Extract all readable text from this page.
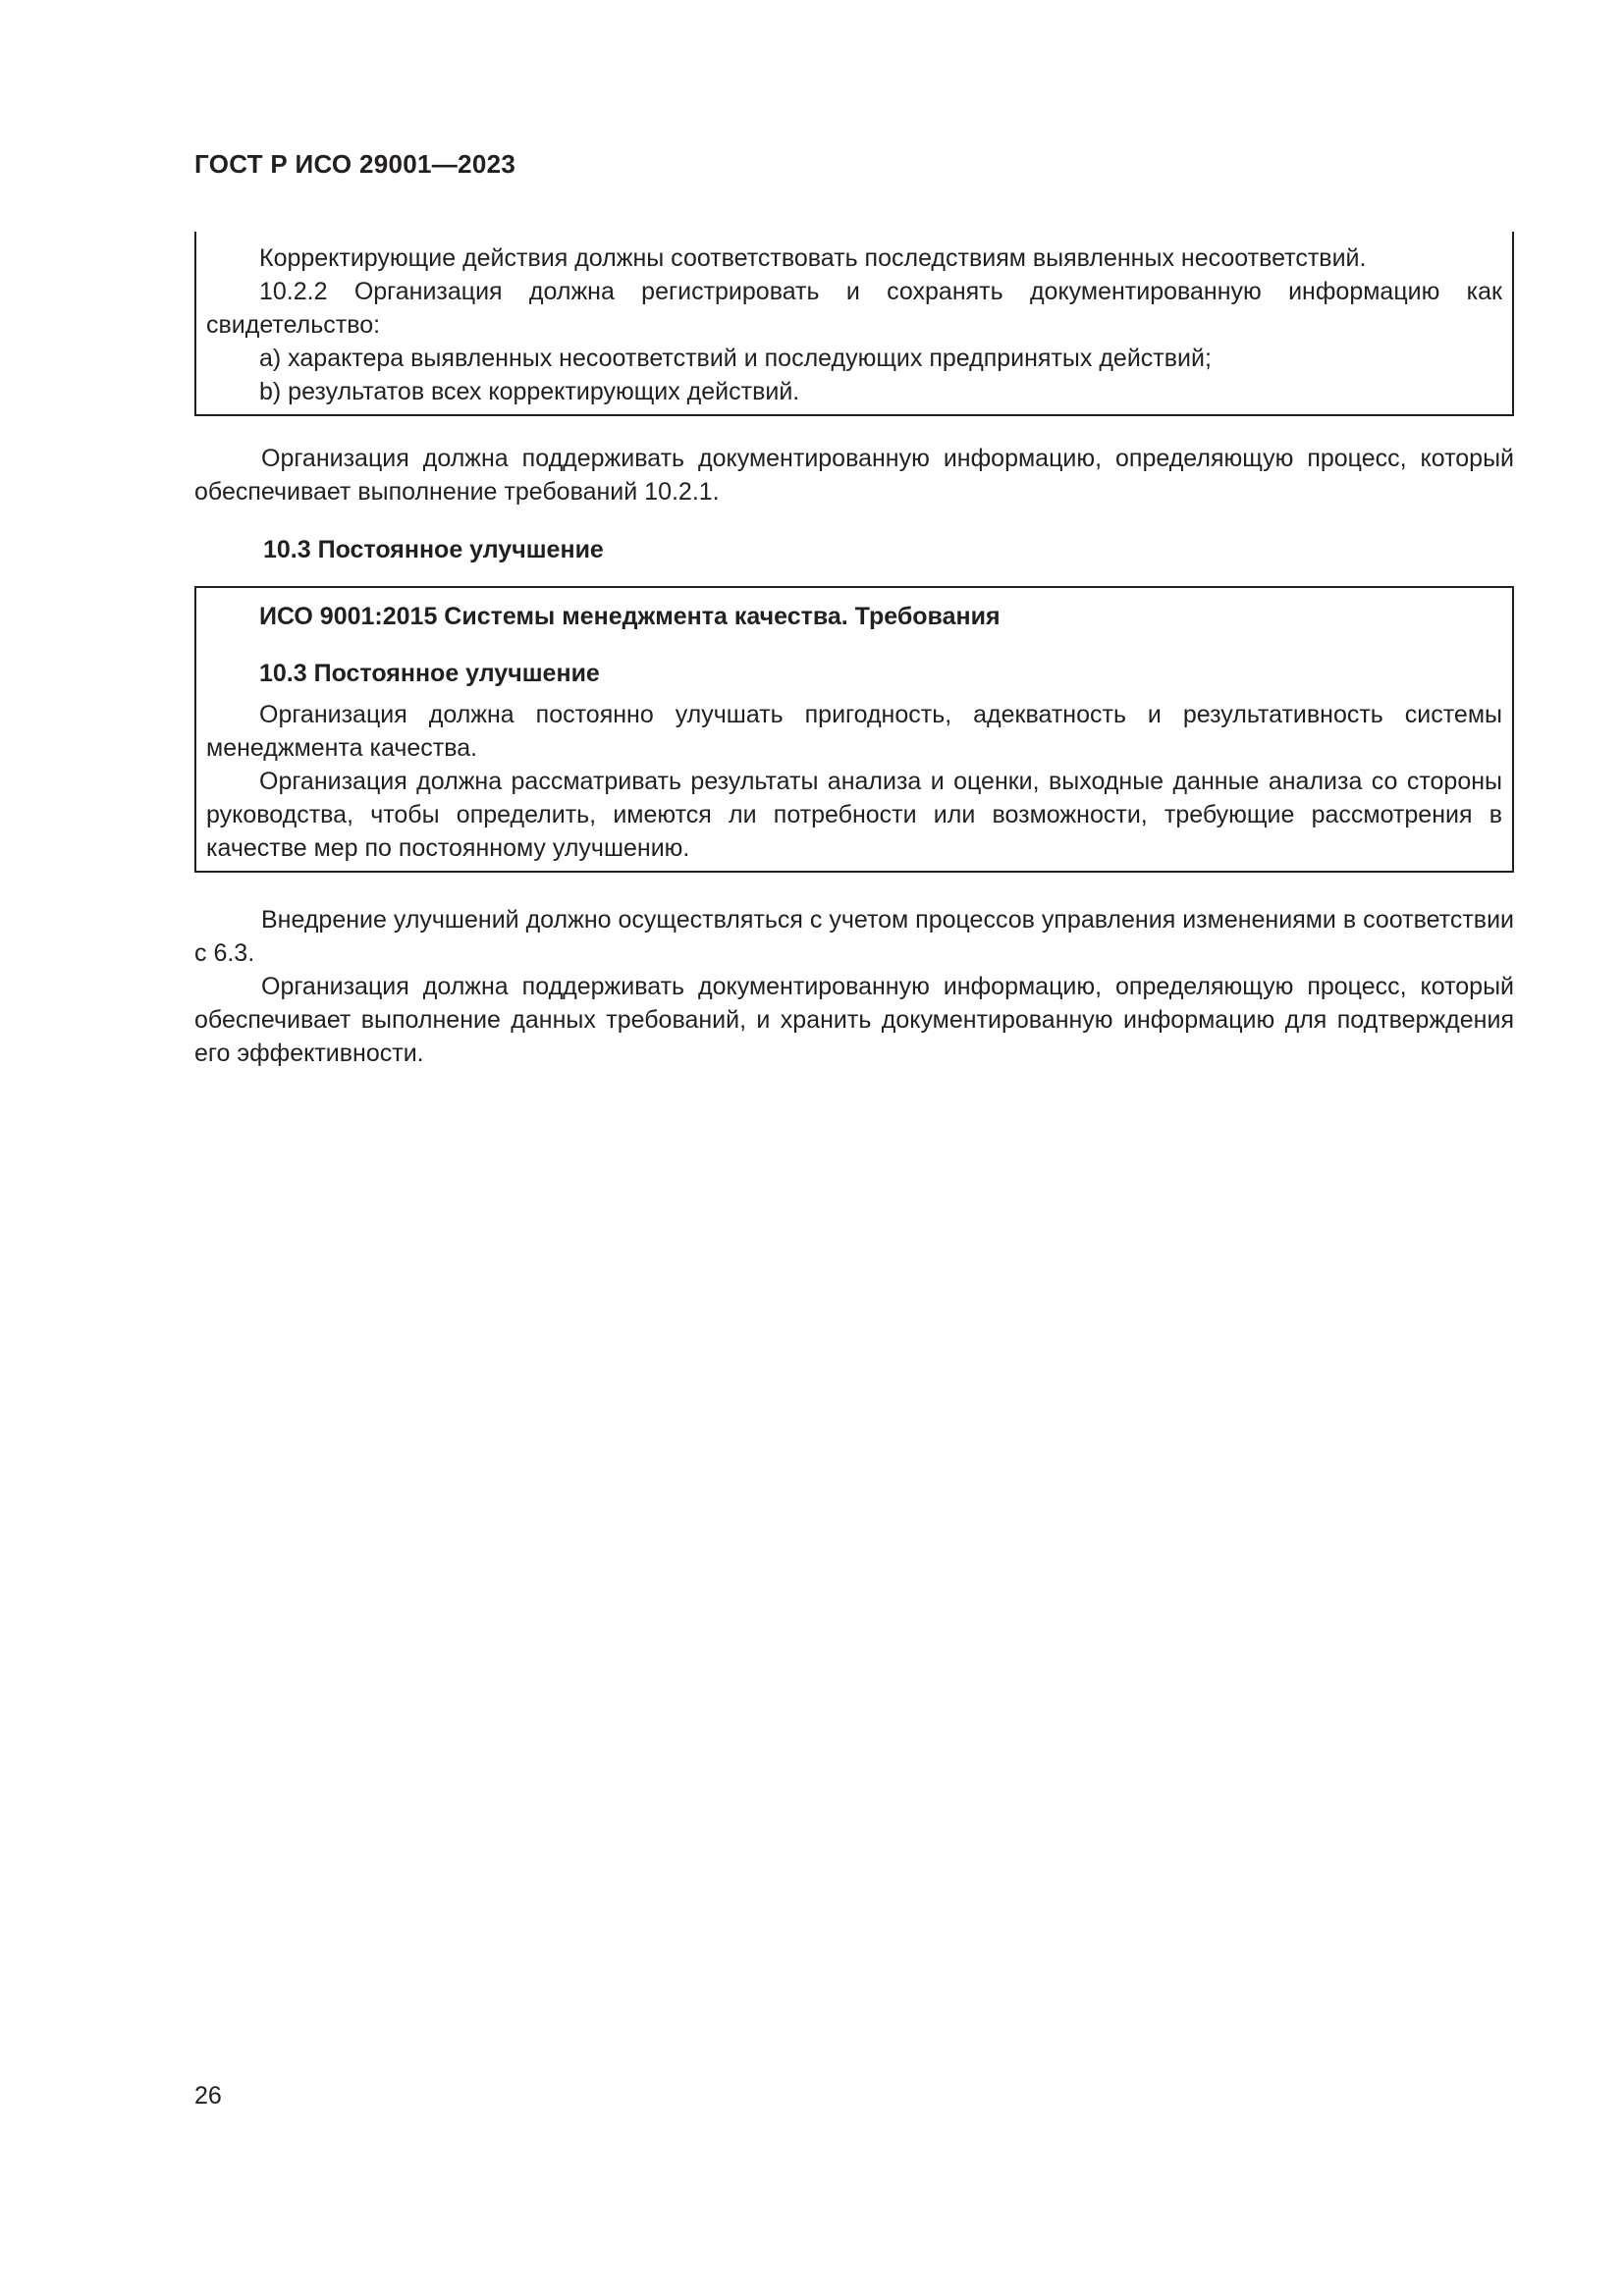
ГОСТ Р ИСО 29001—2023

Корректирующие действия должны соответствовать последствиям выявленных несоответствий.

10.2.2 Организация должна регистрировать и сохранять документированную информацию как свидетельство:

а) характера выявленных несоответствий и последующих предпринятых действий;

b) результатов всех корректирующих действий.

Организация должна поддерживать документированную информацию, определяющую процесс, который обеспечивает выполнение требований 10.2.1.

10.3 Постоянное улучшение

ИСО 9001:2015 Системы менеджмента качества. Требования

10.3 Постоянное улучшение

Организация должна постоянно улучшать пригодность, адекватность и результативность системы менеджмента качества.

Организация должна рассматривать результаты анализа и оценки, выходные данные анализа со стороны руководства, чтобы определить, имеются ли потребности или возможности, требующие рассмотрения в качестве мер по постоянному улучшению.

Внедрение улучшений должно осуществляться с учетом процессов управления изменениями в соответствии с 6.3.

Организация должна поддерживать документированную информацию, определяющую процесс, который обеспечивает выполнение данных требований, и хранить документированную информацию для подтверждения его эффективности.

26
